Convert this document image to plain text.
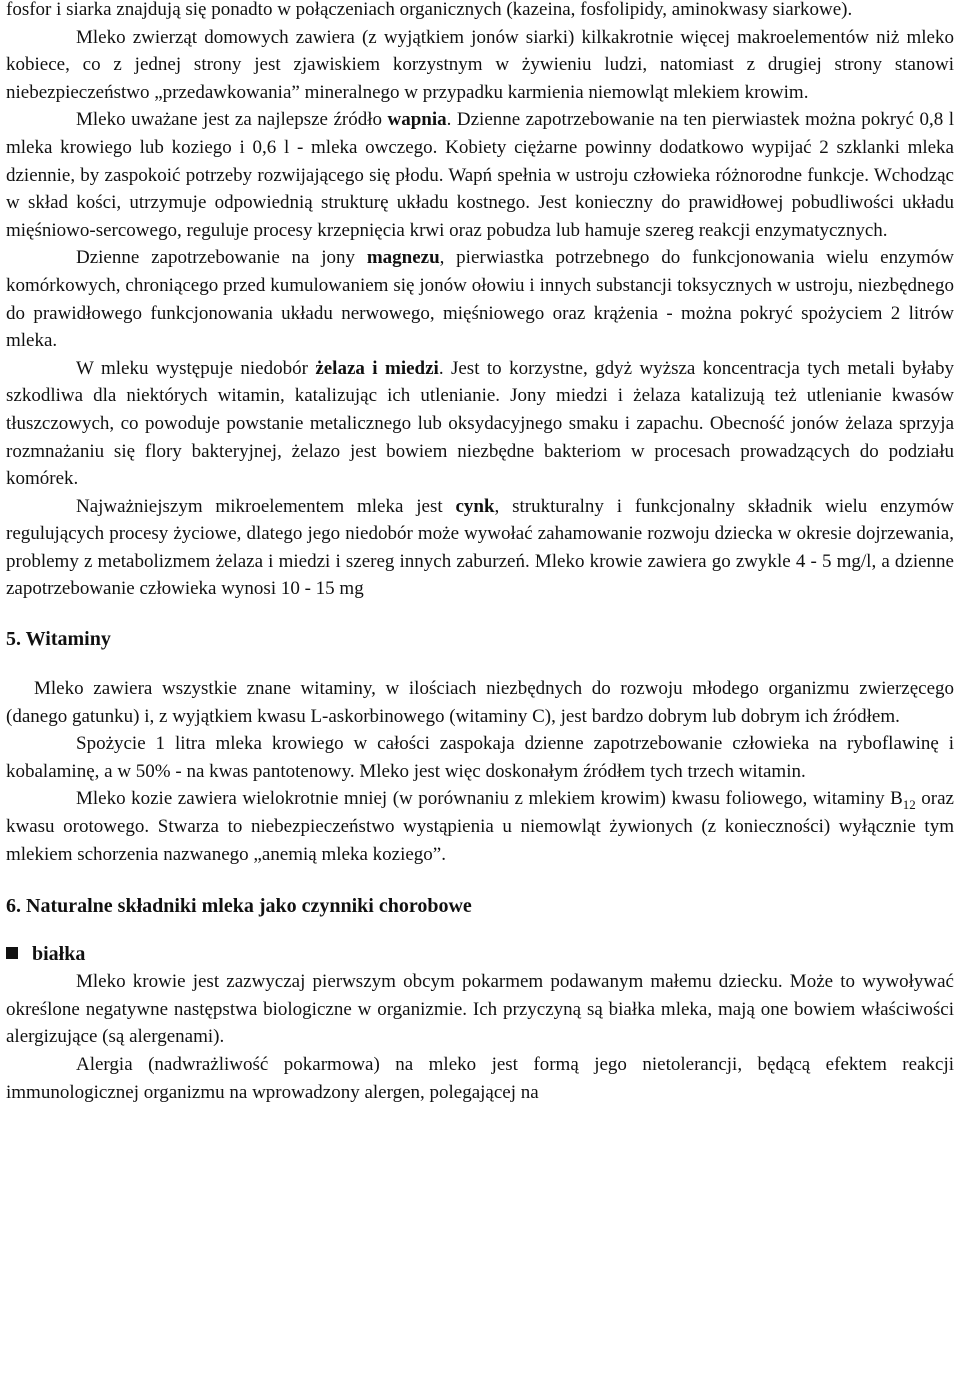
fosfor i siarka znajdują się ponadto w połączeniach organicznych (kazeina, fosfolipidy, aminokwasy siarkowe).

Mleko zwierząt domowych zawiera (z wyjątkiem jonów siarki) kilkakrotnie więcej makroelementów niż mleko kobiece, co z jednej strony jest zjawiskiem korzystnym w żywieniu ludzi, natomiast z drugiej strony stanowi niebezpieczeństwo „przedawkowania” mineralnego w przypadku karmienia niemowląt mlekiem krowim.

Mleko uważane jest za najlepsze źródło wapnia. Dzienne zapotrzebowanie na ten pierwiastek można pokryć 0,8 l mleka krowiego lub koziego i 0,6 l - mleka owczego. Kobiety ciężarne powinny dodatkowo wypijać 2 szklanki mleka dziennie, by zaspokoić potrzeby rozwijającego się płodu. Wapń spełnia w ustroju człowieka różnorodne funkcje. Wchodząc w skład kości, utrzymuje odpowiednią strukturę układu kostnego. Jest konieczny do prawidłowej pobudliwości układu mięśniowo-sercowego, reguluje procesy krzepnięcia krwi oraz pobudza lub hamuje szereg reakcji enzymatycznych.

Dzienne zapotrzebowanie na jony magnezu, pierwiastka potrzebnego do funkcjonowania wielu enzymów komórkowych, chroniącego przed kumulowaniem się jonów ołowiu i innych substancji toksycznych w ustroju, niezbędnego do prawidłowego funkcjonowania układu nerwowego, mięśniowego oraz krążenia - można pokryć spożyciem 2 litrów mleka.

W mleku występuje niedobór żelaza i miedzi. Jest to korzystne, gdyż wyższa koncentracja tych metali byłaby szkodliwa dla niektórych witamin, katalizując ich utlenianie. Jony miedzi i żelaza katalizują też utlenianie kwasów tłuszczowych, co powoduje powstanie metalicznego lub oksydacyjnego smaku i zapachu. Obecność jonów żelaza sprzyja rozmnażaniu się flory bakteryjnej, żelazo jest bowiem niezbędne bakteriom w procesach prowadzących do podziału komórek.

Najważniejszym mikroelementem mleka jest cynk, strukturalny i funkcjonalny składnik wielu enzymów regulujących procesy życiowe, dlatego jego niedobór może wywołać zahamowanie rozwoju dziecka w okresie dojrzewania, problemy z metabolizmem żelaza i miedzi i szereg innych zaburzeń. Mleko krowie zawiera go zwykle 4 - 5 mg/l, a dzienne zapotrzebowanie człowieka wynosi 10 - 15 mg

5. Witaminy

Mleko zawiera wszystkie znane witaminy, w ilościach niezbędnych do rozwoju młodego organizmu zwierzęcego (danego gatunku) i, z wyjątkiem kwasu L-askorbinowego (witaminy C), jest bardzo dobrym lub dobrym ich źródłem.

Spożycie 1 litra mleka krowiego w całości zaspokaja dzienne zapotrzebowanie człowieka na ryboflawinę i kobalaminę, a w 50% - na kwas pantotenowy. Mleko jest więc doskonałym źródłem tych trzech witamin.

Mleko kozie zawiera wielokrotnie mniej (w porównaniu z mlekiem krowim) kwasu foliowego, witaminy $B_{12}$ oraz kwasu orotowego. Stwarza to niebezpieczeństwo wystąpienia u niemowląt żywionych (z konieczności) wyłącznie tym mlekiem schorzenia nazwanego „anemią mleka koziego”.

6. Naturalne składniki mleka jako czynniki chorobowe
białka

Mleko krowie jest zazwyczaj pierwszym obcym pokarmem podawanym małemu dziecku. Może to wywoływać określone negatywne następstwa biologiczne w organizmie. Ich przyczyną są białka mleka, mają one bowiem właściwości alergizujące (są alergenami).

Alergia (nadwrażliwość pokarmowa) na mleko jest formą jego nietolerancji, będącą efektem reakcji immunologicznej organizmu na wprowadzony alergen, polegającej na
